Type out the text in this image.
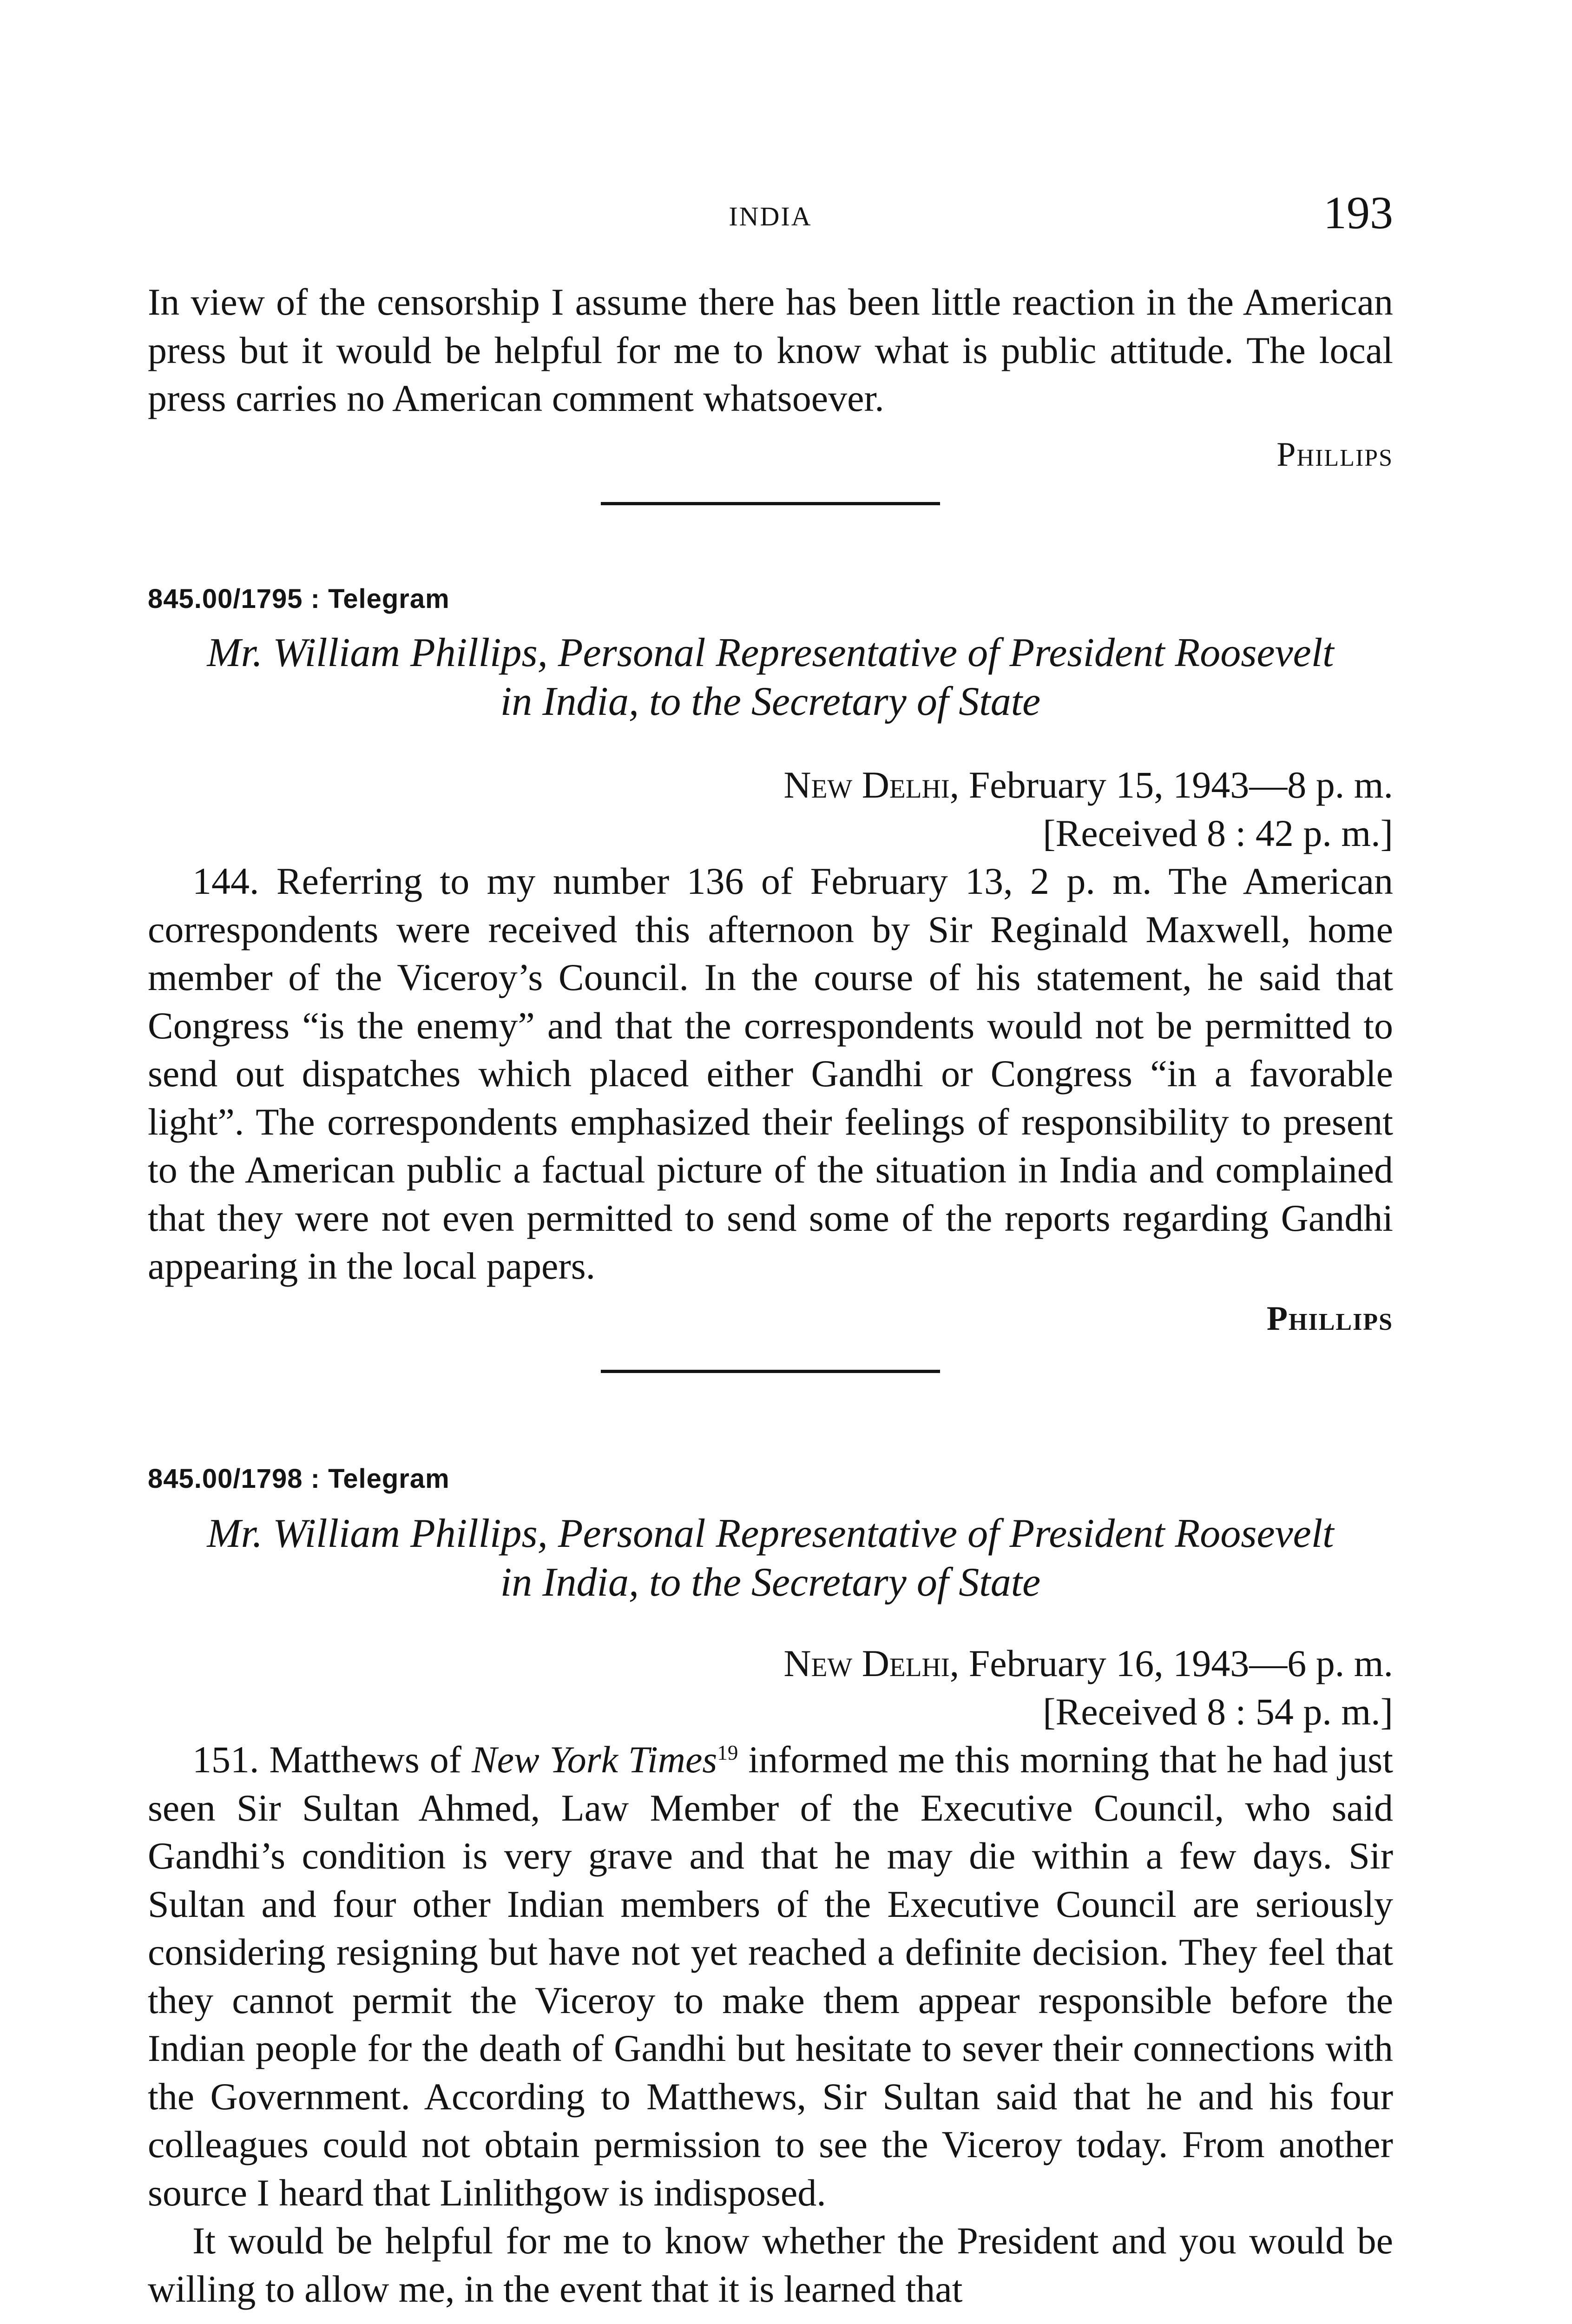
INDIA	193

In view of the censorship I assume there has been little reaction in the American press but it would be helpful for me to know what is public attitude. The local press carries no American comment whatsoever.

Phillips

845.00/1795 : Telegram

Mr. William Phillips, Personal Representative of President Roosevelt
in India, to the Secretary of State

New Delhi, February 15, 1943—8 p. m.

[Received 8 : 42 p. m.]

144. Referring to my number 136 of February 13, 2 p. m. The American correspondents were received this afternoon by Sir Reginald Maxwell, home member of the Viceroy’s Council. In the course of his statement, he said that Congress “is the enemy” and that the correspondents would not be permitted to send out dispatches which placed either Gandhi or Congress “in a favorable light”. The correspondents emphasized their feelings of responsibility to present to the American public a factual picture of the situation in India and complained that they were not even permitted to send some of the reports regarding Gandhi appearing in the local papers.

Phillips

845.00/1798 : Telegram

Mr. William Phillips, Personal Representative of President Roosevelt
in India, to the Secretary of State

New Delhi, February 16, 1943—6 p. m.

[Received 8 : 54 p. m.]

151. Matthews of New York Times$^{19}$ informed me this morning that he had just seen Sir Sultan Ahmed, Law Member of the Executive Council, who said Gandhi’s condition is very grave and that he may die within a few days. Sir Sultan and four other Indian members of the Executive Council are seriously considering resigning but have not yet reached a definite decision. They feel that they cannot permit the Viceroy to make them appear responsible before the Indian people for the death of Gandhi but hesitate to sever their connections with the Government. According to Matthews, Sir Sultan said that he and his four colleagues could not obtain permission to see the Viceroy today. From another source I heard that Linlithgow is indisposed.

It would be helpful for me to know whether the President and you would be willing to allow me, in the event that it is learned that
